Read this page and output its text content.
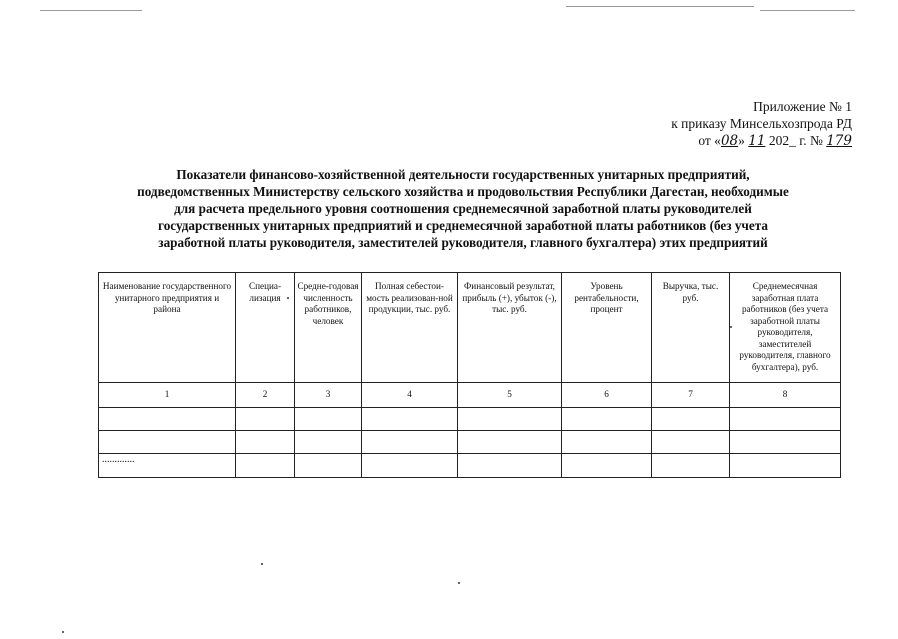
Приложение № 1
к приказу Минсельхозпрода РД
от «08» 11 202_ г. № 179
Показатели финансово-хозяйственной деятельности государственных унитарных предприятий,
подведомственных Министерству сельского хозяйства и продовольствия Республики Дагестан, необходимые
для расчета предельного уровня соотношения среднемесячной заработной платы руководителей
государственных унитарных предприятий и среднемесячной заработной платы работников (без учета
заработной платы руководителя, заместителей руководителя, главного бухгалтера) этих предприятий
Наименование государственного унитарного предприятия и района	Специа-лизация	Средне-годовая численность работников, человек	Полная себестои-мость реализован-ной продукции, тыс. руб.	Финансовый результат, прибыль (+), убыток (-), тыс. руб.	Уровень рентабельности, процент	Выручка, тыс. руб.	Среднемесячная заработная плата работников (без учета заработной платы руководителя, заместителей руководителя, главного бухгалтера), руб.
1	2	3	4	5	6	7	8

.............							
